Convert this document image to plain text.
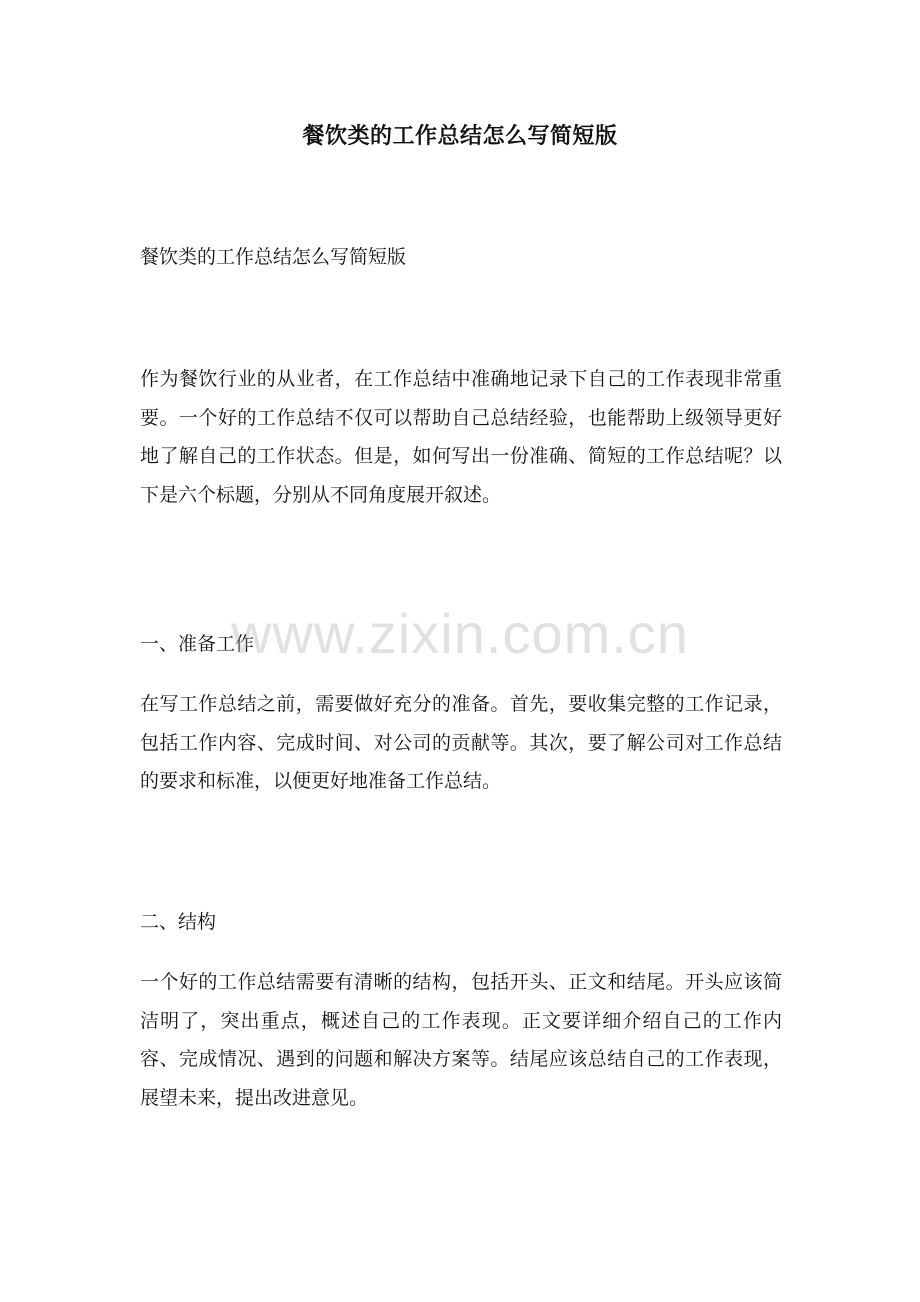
餐饮类的工作总结怎么写简短版
餐饮类的工作总结怎么写简短版

作为餐饮行业的从业者，在工作总结中准确地记录下自己的工作表现非常重要。一个好的工作总结不仅可以帮助自己总结经验，也能帮助上级领导更好地了解自己的工作状态。但是，如何写出一份准确、简短的工作总结呢？以下是六个标题，分别从不同角度展开叙述。

一、准备工作

在写工作总结之前，需要做好充分的准备。首先，要收集完整的工作记录，包括工作内容、完成时间、对公司的贡献等。其次，要了解公司对工作总结的要求和标准，以便更好地准备工作总结。

二、结构

一个好的工作总结需要有清晰的结构，包括开头、正文和结尾。开头应该简洁明了，突出重点，概述自己的工作表现。正文要详细介绍自己的工作内容、完成情况、遇到的问题和解决方案等。结尾应该总结自己的工作表现，展望未来，提出改进意见。

www.zixin.com.cn
